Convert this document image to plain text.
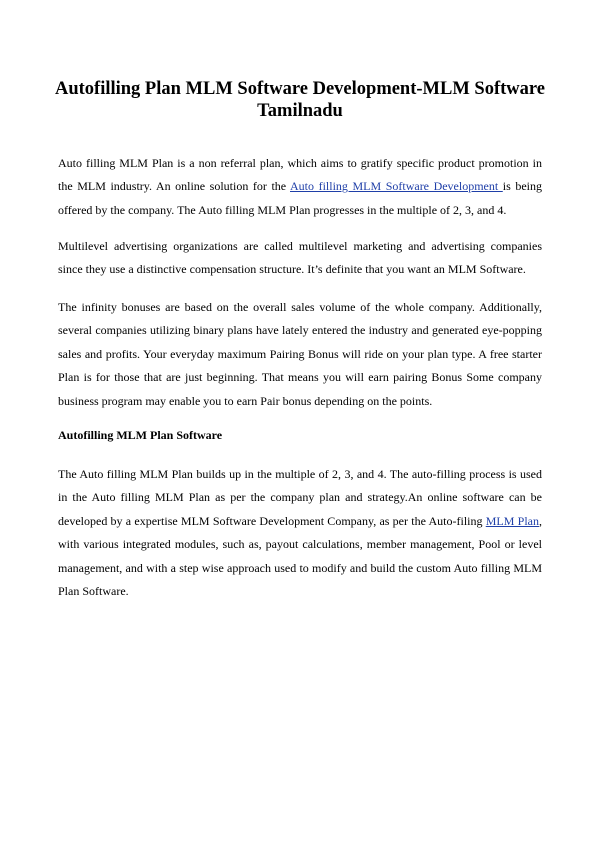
Autofilling Plan MLM Software Development-MLM Software Tamilnadu

Auto filling MLM Plan is a non referral plan, which aims to gratify specific product promotion in the MLM industry. An online solution for the Auto filling MLM Software Development is being offered by the company. The Auto filling MLM Plan progresses in the multiple of 2, 3, and 4.

Multilevel advertising organizations are called multilevel marketing and advertising companies since they use a distinctive compensation structure. It’s definite that you want an MLM Software.

The infinity bonuses are based on the overall sales volume of the whole company. Additionally, several companies utilizing binary plans have lately entered the industry and generated eye-popping sales and profits. Your everyday maximum Pairing Bonus will ride on your plan type. A free starter Plan is for those that are just beginning. That means you will earn pairing Bonus Some company business program may enable you to earn Pair bonus depending on the points.

Autofilling MLM Plan Software

The Auto filling MLM Plan builds up in the multiple of 2, 3, and 4. The auto-filling process is used in the Auto filling MLM Plan as per the company plan and strategy.An online software can be developed by a expertise MLM Software Development Company, as per the Auto-filing MLM Plan, with various integrated modules, such as, payout calculations, member management, Pool or level management, and with a step wise approach used to modify and build the custom Auto filling MLM Plan Software.
